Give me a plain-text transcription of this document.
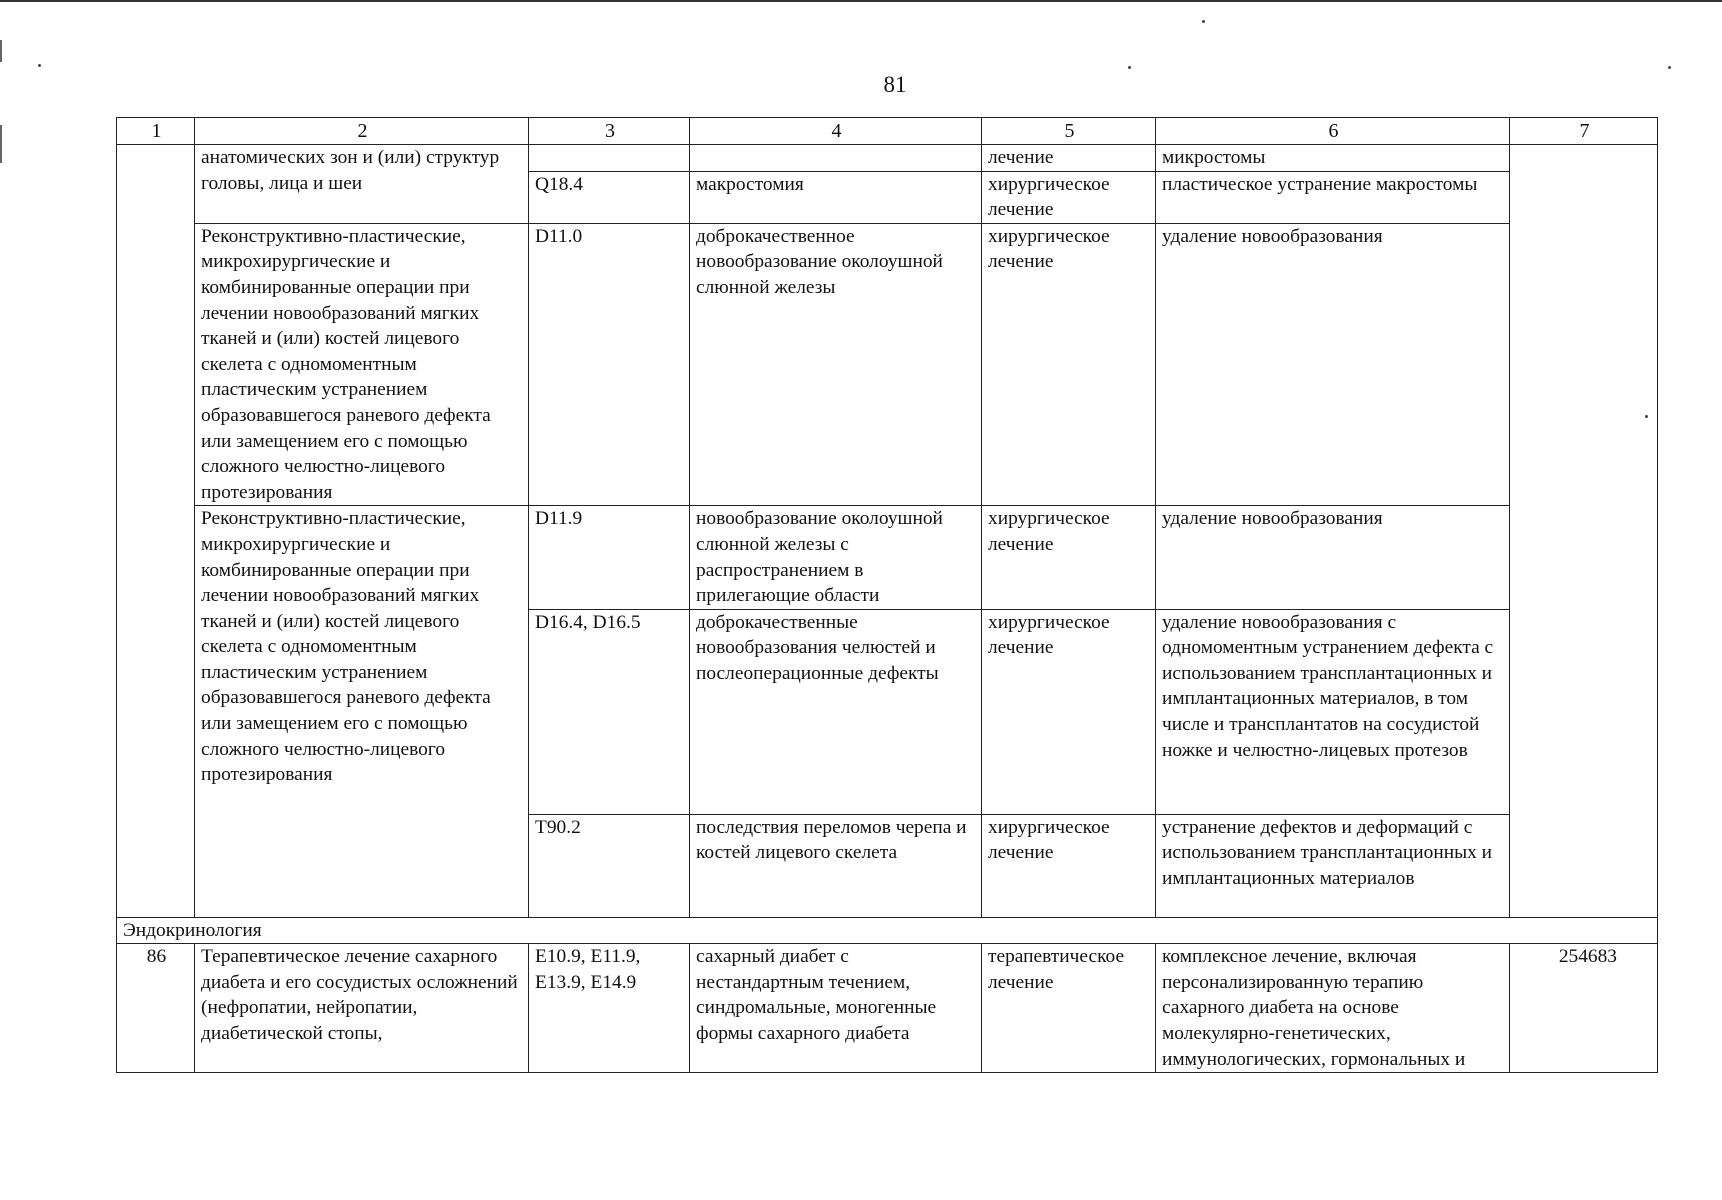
81
1	2	3	4	5	6	7
	анатомических зон и (или) структур головы, лица и шеи			лечение	микростомы	
		Q18.4	макростомия	хирургическое лечение	пластическое устранение макростомы	
	Реконструктивно-пластические, микрохирургические и комбинированные операции при лечении новообразований мягких тканей и (или) костей лицевого скелета с одномоментным пластическим устранением образовавшегося раневого дефекта или замещением его с помощью сложного челюстно-лицевого протезирования	D11.0	доброкачественное новообразование околоушной слюнной железы	хирургическое лечение	удаление новообразования	
	Реконструктивно-пластические, микрохирургические и комбинированные операции при лечении новообразований мягких тканей и (или) костей лицевого скелета с одномоментным пластическим устранением образовавшегося раневого дефекта или замещением его с помощью сложного челюстно-лицевого протезирования	D11.9	новообразование околоушной слюнной железы с распространением в прилегающие области	хирургическое лечение	удаление новообразования	
		D16.4, D16.5	доброкачественные новообразования челюстей и послеоперационные дефекты	хирургическое лечение	удаление новообразования с одномоментным устранением дефекта с использованием трансплантационных и имплантационных материалов, в том числе и трансплантатов на сосудистой ножке и челюстно-лицевых протезов	
		T90.2	последствия переломов черепа и костей лицевого скелета	хирургическое лечение	устранение дефектов и деформаций с использованием трансплантационных и имплантационных материалов	
Эндокринология						
86	Терапевтическое лечение сахарного диабета и его сосудистых осложнений (нефропатии, нейропатии, диабетической стопы,	E10.9, E11.9, E13.9, E14.9	сахарный диабет с нестандартным течением, синдромальные, моногенные формы сахарного диабета	терапевтическое лечение	комплексное лечение, включая персонализированную терапию сахарного диабета на основе молекулярно-генетических, иммунологических, гормональных и	254683
